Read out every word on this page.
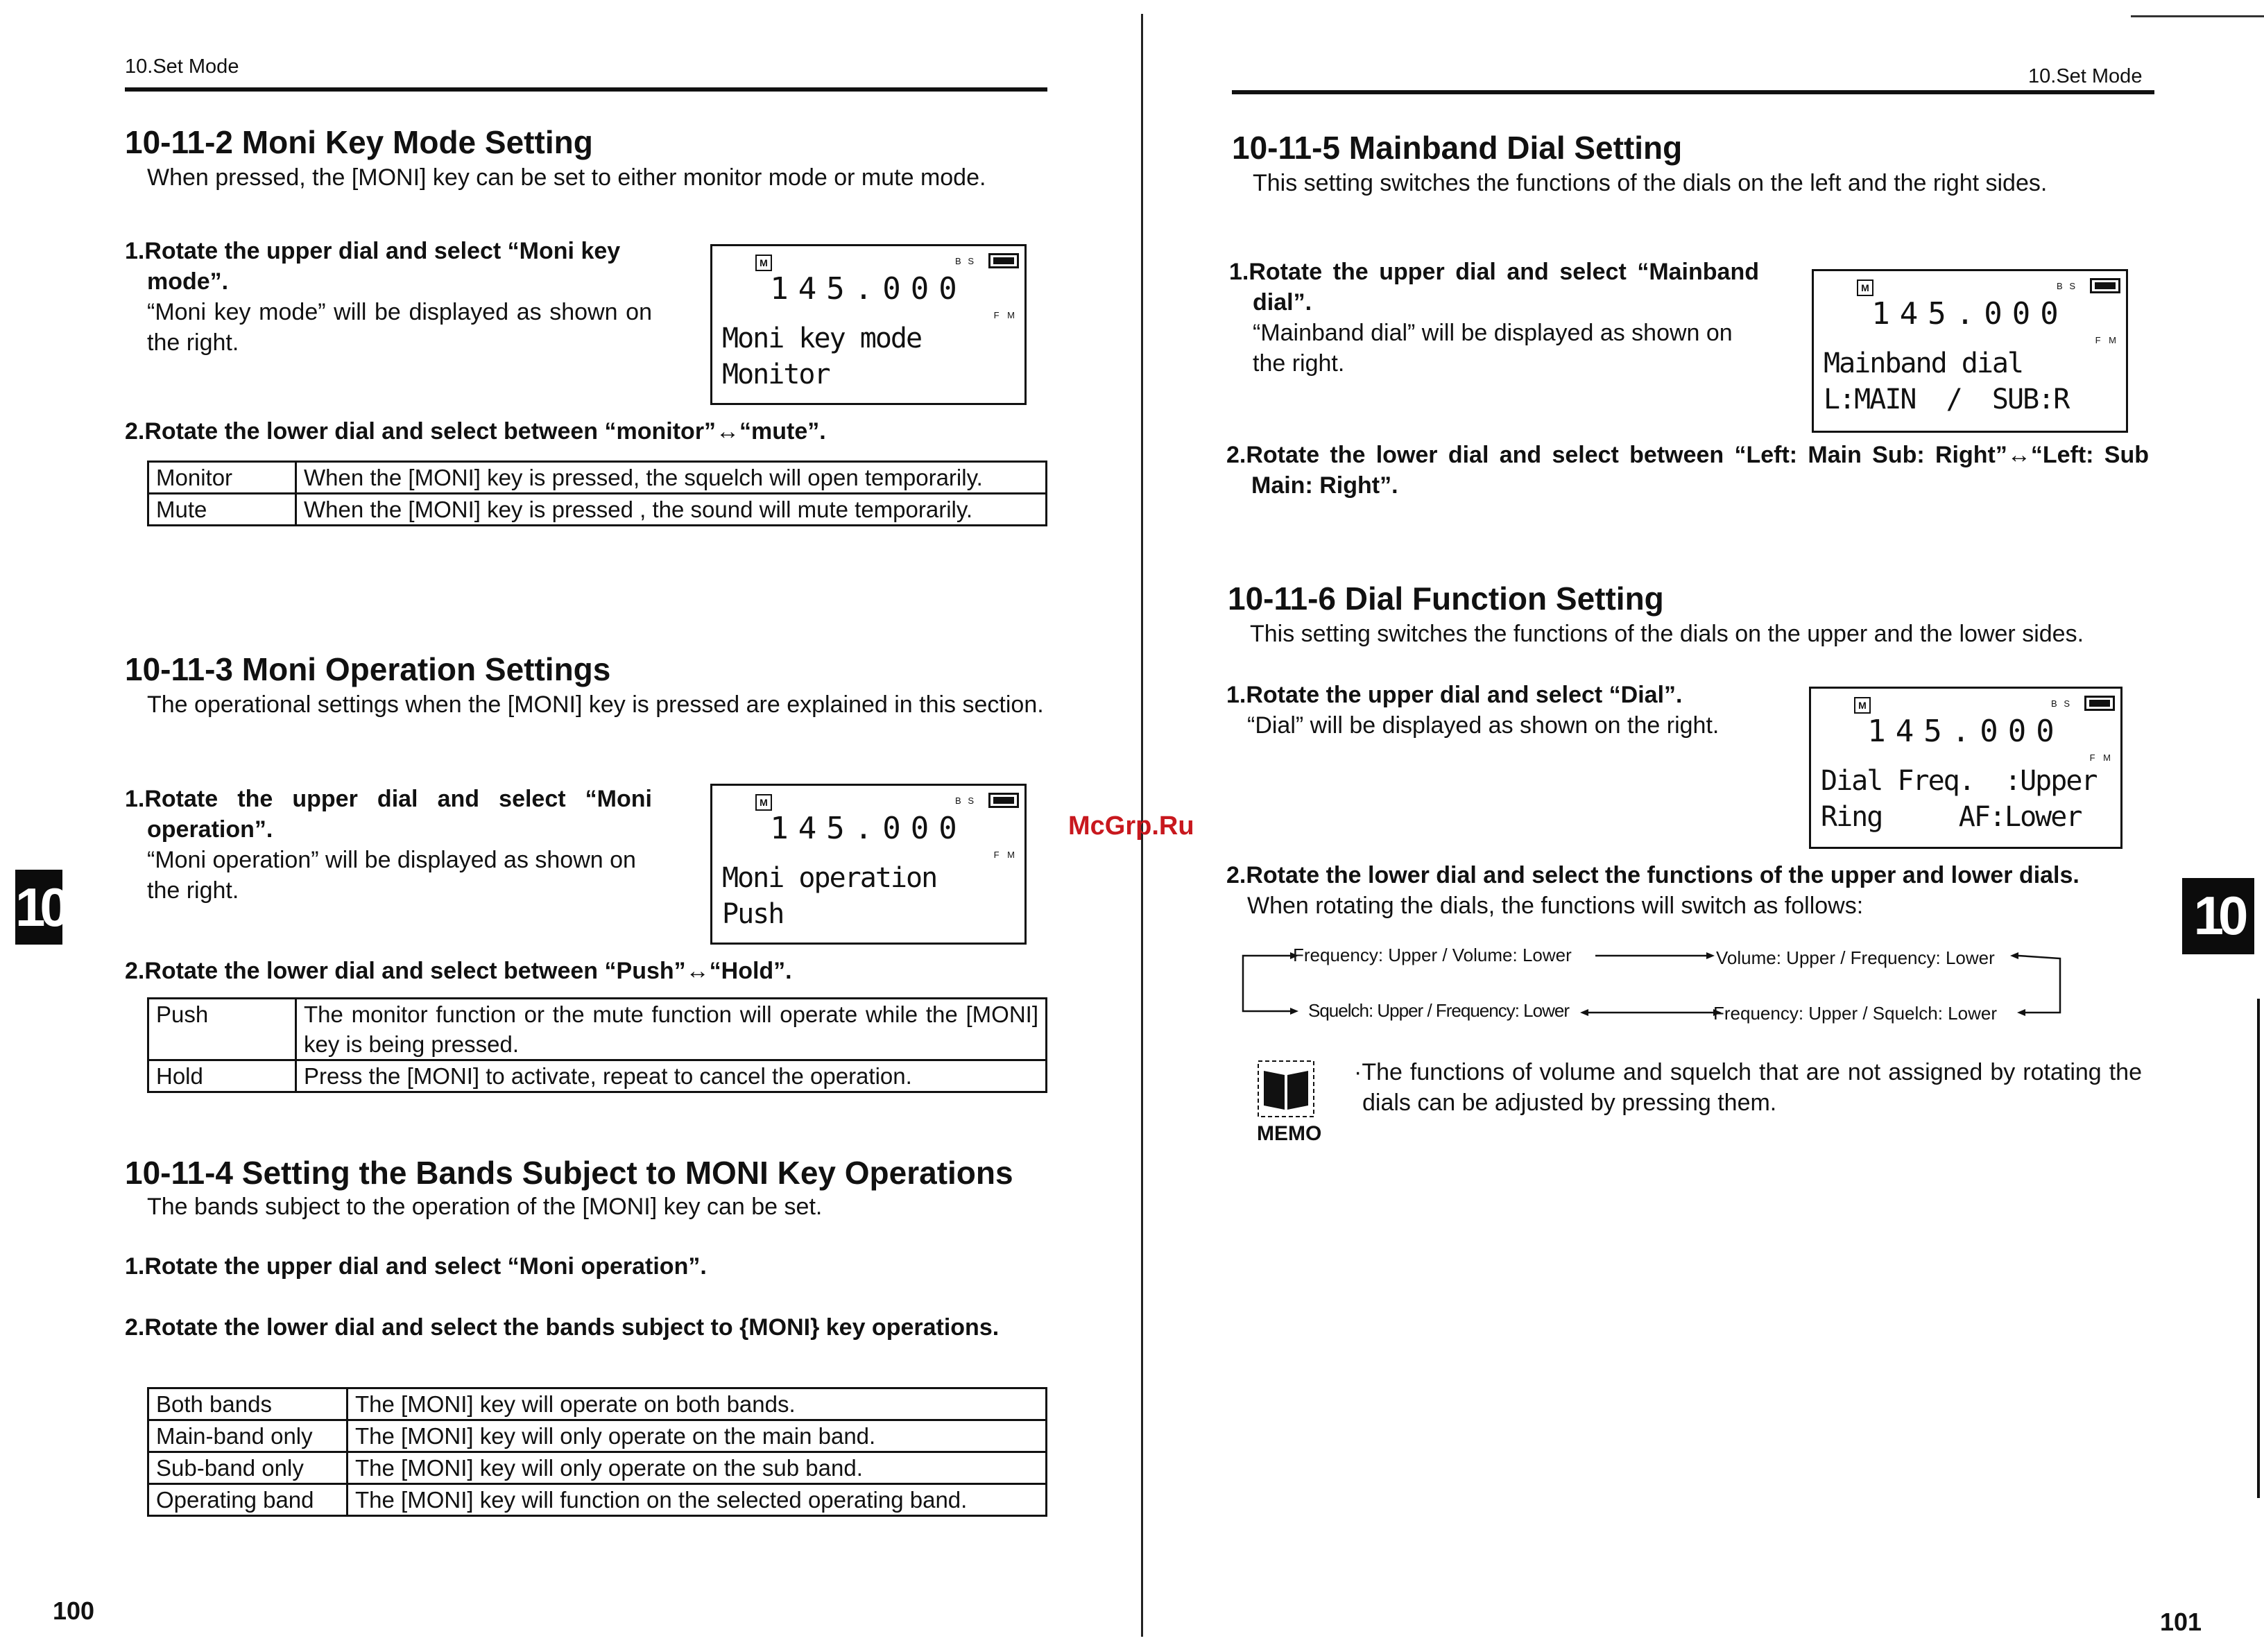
10.Set Mode
10-11-2 Moni Key Mode Setting
When pressed, the [MONI] key can be set to either monitor mode or mute mode.
1.Rotate the upper dial and select “Moni key mode”.
“Moni key mode” will be displayed as shown on the right.
M	B S
145.000
F M
Moni key mode
Monitor
2.Rotate the lower dial and select between “monitor”↔“mute”.
Monitor	When the [MONI] key is pressed, the squelch will open temporarily.
Mute	When the [MONI] key is pressed , the sound will mute temporarily.
10-11-3 Moni Operation Settings
The operational settings when the [MONI] key is pressed are explained in this section.
1.Rotate the upper dial and select “Moni operation”.
“Moni operation” will be displayed as shown on the right.
M	B S
145.000
F M
Moni operation
Push
2.Rotate the lower dial and select between “Push”↔“Hold”.
Push	The monitor function or the mute function will operate while the [MONI] key is being pressed.
Hold	Press the [MONI] to activate, repeat to cancel the operation.
10-11-4 Setting the Bands Subject to MONI Key Operations
The bands subject to the operation of the [MONI] key can be set.
1.Rotate the upper dial and select “Moni operation”.
2.Rotate the lower dial and select the bands subject to {MONI} key operations.
Both bands	The [MONI] key will operate on both bands.
Main-band only	The [MONI] key will only operate on the main band.
Sub-band only	The [MONI] key will only operate on the sub band.
Operating band	The [MONI] key will function on the selected operating band.
10
100
McGrp.Ru
10.Set Mode
10-11-5 Mainband Dial Setting
This setting switches the functions of the dials on the left and the right sides.
1.Rotate the upper dial and select “Mainband dial”.
“Mainband dial” will be displayed as shown on the right.
M	B S
145.000
F M
Mainband dial
L:MAIN  /  SUB:R
2.Rotate the lower dial and select between “Left: Main Sub: Right”↔“Left: Sub Main: Right”.
10-11-6 Dial Function Setting
This setting switches the functions of the dials on the upper and the lower sides.
1.Rotate the upper dial and select “Dial”.
“Dial” will be displayed as shown on the right.
M	B S
145.000
F M
Dial Freq.  :Upper
Ring     AF:Lower
2.Rotate the lower dial and select the functions of the upper and lower dials.
When rotating the dials, the functions will switch as follows:
Frequency: Upper / Volume: Lower	Volume: Upper / Frequency: Lower
Squelch: Upper / Frequency: Lower	Frequency: Upper / Squelch: Lower
MEMO
·The functions of volume and squelch that are not assigned by rotating the dials can be adjusted by pressing them.
10
101
